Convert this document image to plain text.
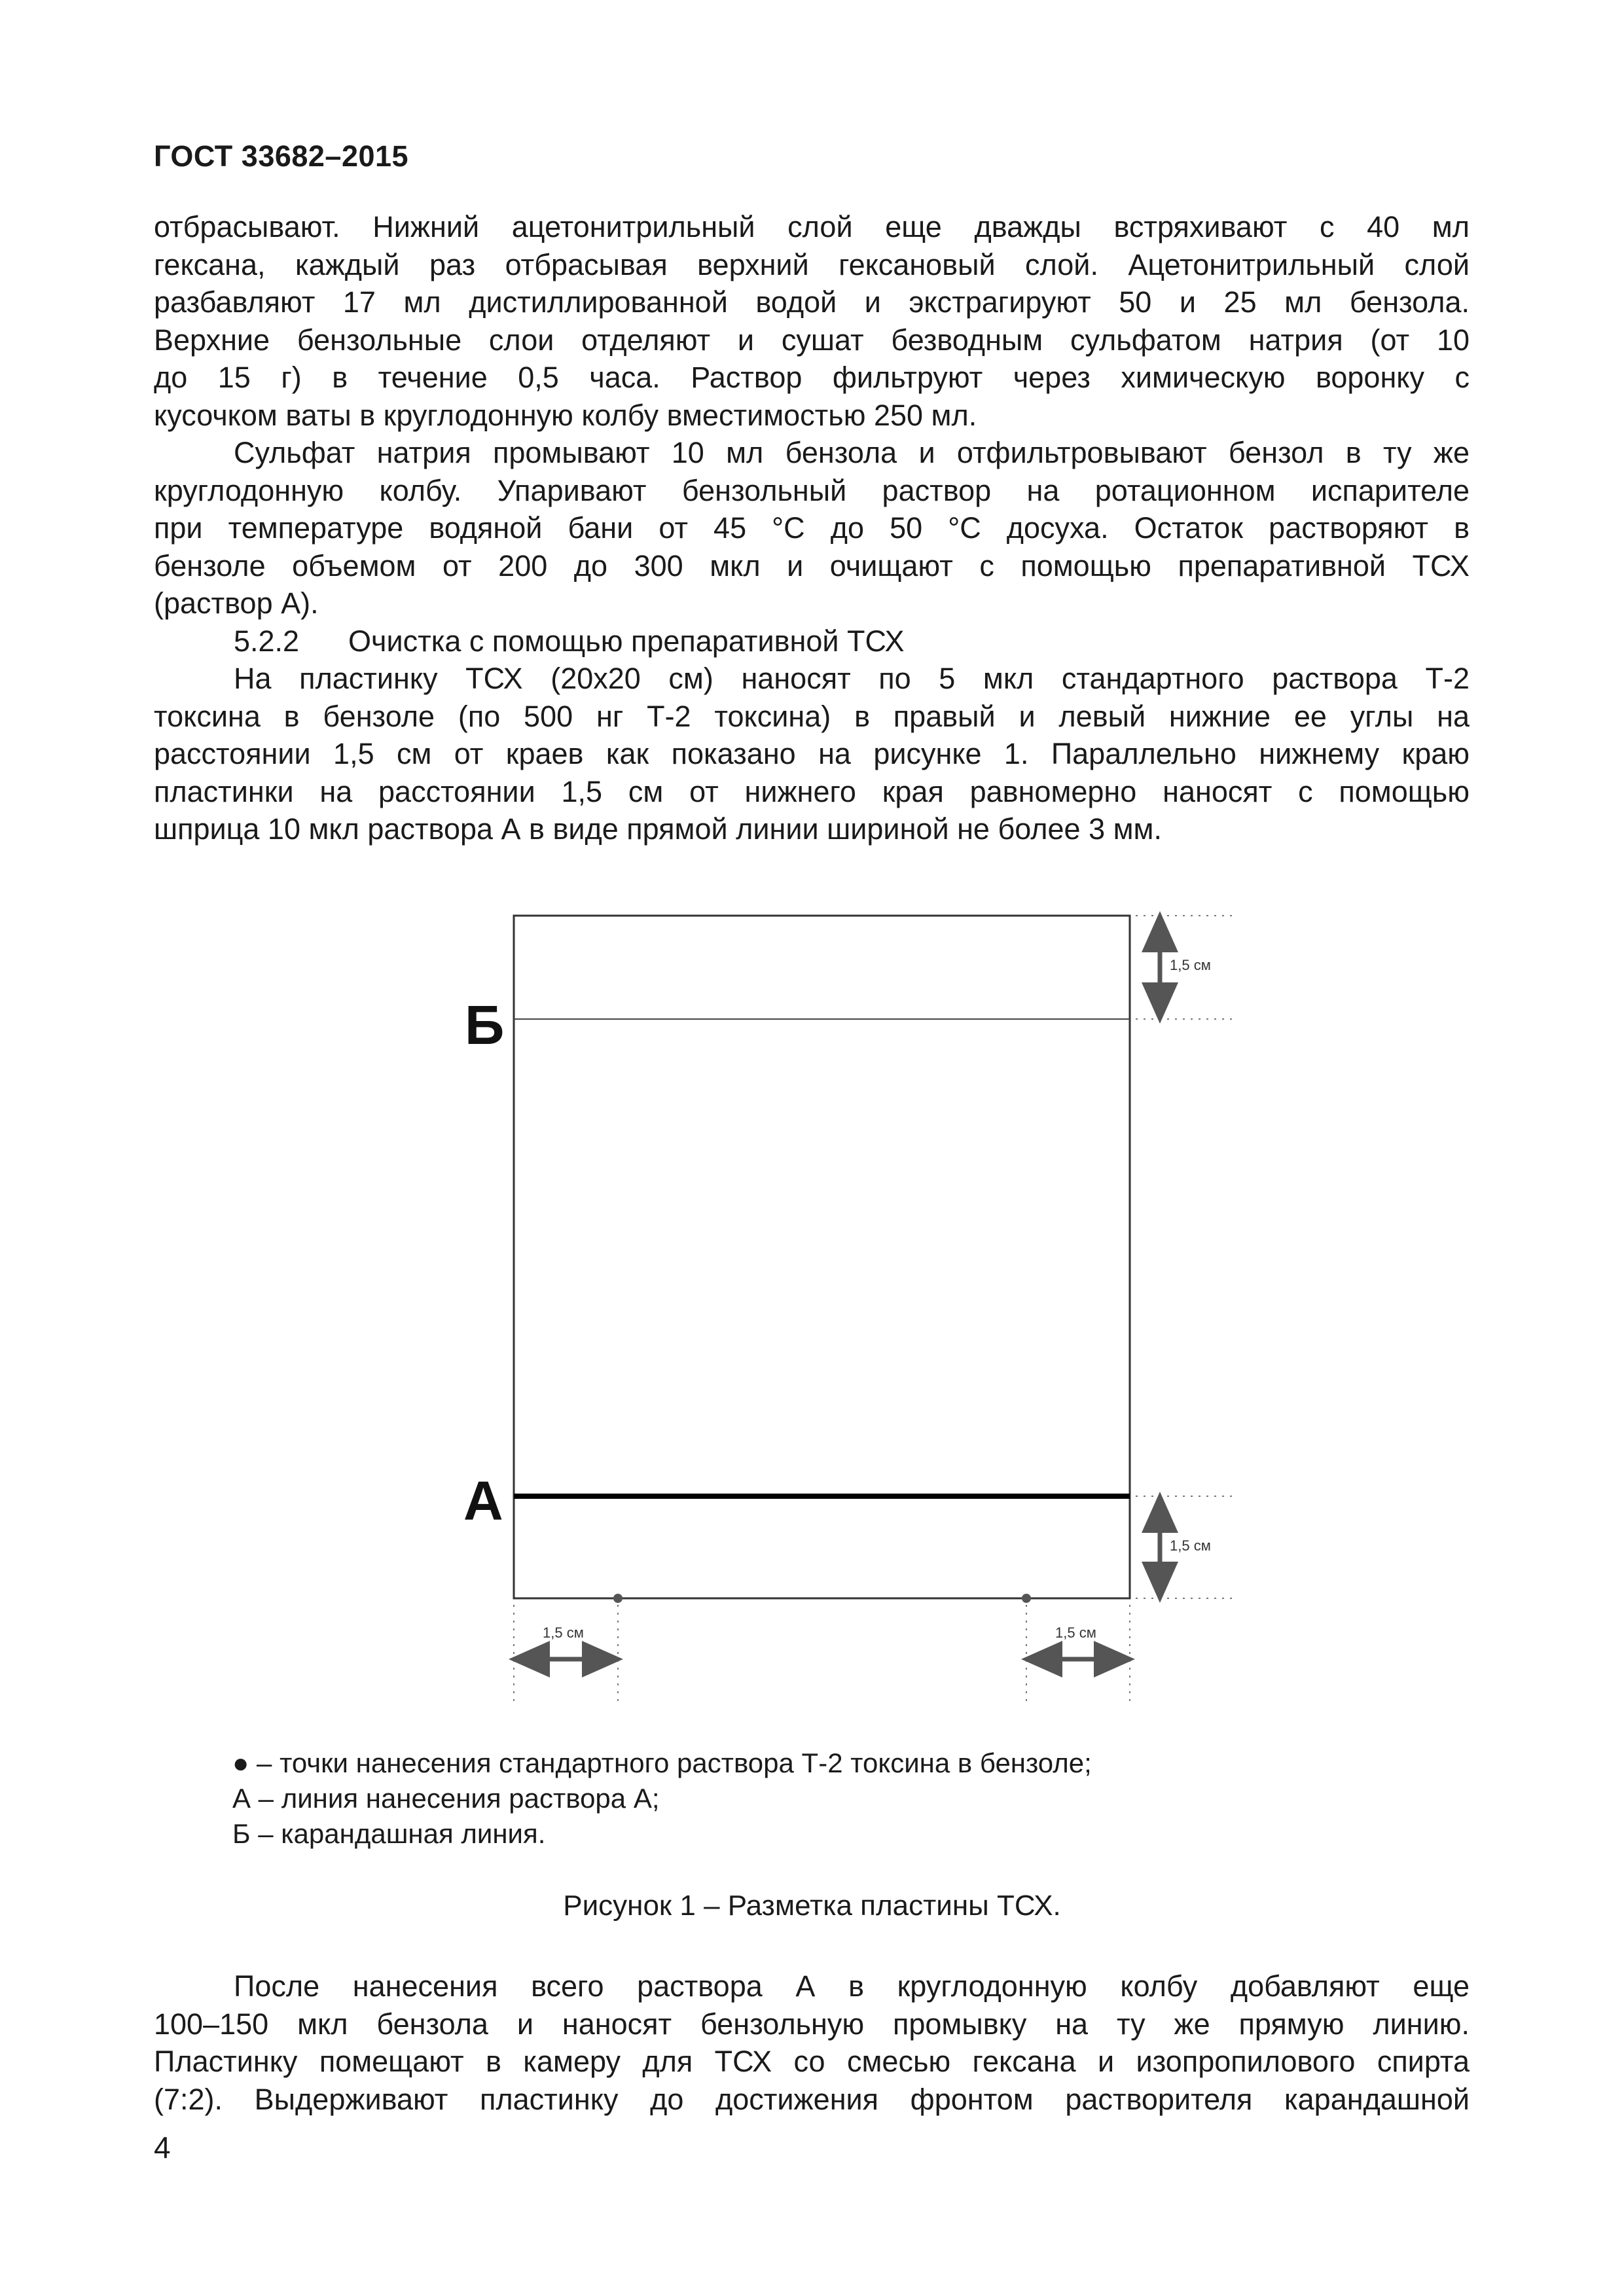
ГОСТ 33682–2015

отбрасывают. Нижний ацетонитрильный слой еще дважды встряхивают с 40 мл

гексана, каждый раз отбрасывая верхний гексановый слой. Ацетонитрильный слой

разбавляют 17 мл дистиллированной водой и экстрагируют 50 и 25 мл бензола.

Верхние бензольные слои отделяют и сушат безводным сульфатом натрия (от 10

до 15 г) в течение 0,5 часа. Раствор фильтруют через химическую воронку с

кусочком ваты в круглодонную колбу вместимостью 250 мл.

Сульфат натрия промывают 10 мл бензола и отфильтровывают бензол в ту же

круглодонную колбу. Упаривают бензольный раствор на ротационном испарителе

при температуре водяной бани от 45 °С до 50 °С досуха. Остаток растворяют в

бензоле объемом от 200 до 300 мкл и очищают с помощью препаративной ТСХ

(раствор А).

5.2.2 Очистка с помощью препаративной ТСХ

На пластинку ТСХ (20х20 см) наносят по 5 мкл стандартного раствора Т-2

токсина в бензоле (по 500 нг Т-2 токсина) в правый и левый нижние ее углы на

расстоянии 1,5 см от краев как показано на рисунке 1. Параллельно нижнему краю

пластинки на расстоянии 1,5 см от нижнего края равномерно наносят с помощью

шприца 10 мкл раствора А в виде прямой линии шириной не более 3 мм.

Б
А
1,5 см
1,5 см
1,5 см	1,5 см
● – точки нанесения стандартного раствора Т-2 токсина в бензоле;
А – линия нанесения раствора А;
Б – карандашная линия.
Рисунок 1 – Разметка пластины ТСХ.

После нанесения всего раствора А в круглодонную колбу добавляют еще

100–150 мкл бензола и наносят бензольную промывку на ту же прямую линию.

Пластинку помещают в камеру для ТСХ со смесью гексана и изопропилового спирта

(7:2). Выдерживают пластинку до достижения фронтом растворителя карандашной

4
